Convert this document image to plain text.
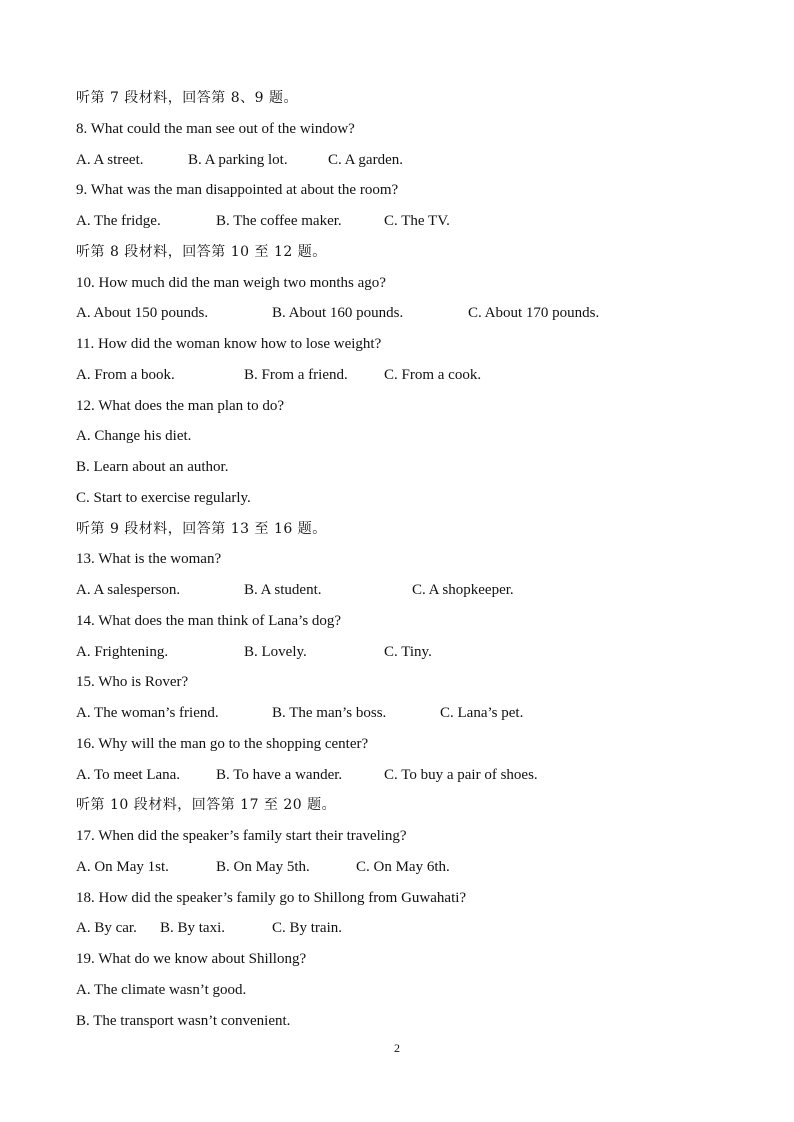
听第 7 段材料，回答第 8、9 题。
8. What could the man see out of the window?
A. A street.	B. A parking lot.	C. A garden.
9. What was the man disappointed at about the room?
A. The fridge.	B. The coffee maker.	C. The TV.
听第 8 段材料，回答第 10 至 12 题。
10. How much did the man weigh two months ago?
A. About 150 pounds.	B. About 160 pounds.	C. About 170 pounds.
11. How did the woman know how to lose weight?
A. From a book.	B. From a friend. C. From a cook.
12. What does the man plan to do?
A. Change his diet.
B. Learn about an author.
C. Start to exercise regularly.
听第 9 段材料，回答第 13 至 16 题。
13. What is the woman?
A. A salesperson.	B. A student.	C. A shopkeeper.
14. What does the man think of Lana’s dog?
A. Frightening.	B. Lovely.	C. Tiny.
15. Who is Rover?
A. The woman’s friend.	B. The man’s boss.	C. Lana’s pet.
16. Why will the man go to the shopping center?
A. To meet Lana. B. To have a wander.	C. To buy a pair of shoes.
听第 10 段材料，回答第 17 至 20 题。
17. When did the speaker’s family start their traveling?
A. On May 1st.	B. On May 5th.	C. On May 6th.
18. How did the speaker’s family go to Shillong from Guwahati?
A. By car. B. By taxi.	C. By train.
19. What do we know about Shillong?
A. The climate wasn’t good.
B. The transport wasn’t convenient.
2
